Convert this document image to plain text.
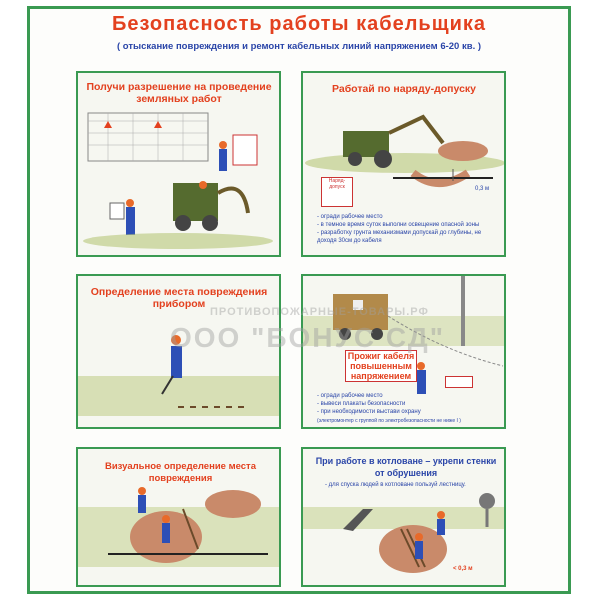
Безопасность работы кабельщика
( отыскание повреждения и ремонт кабельных линий напряжением 6-20 кв. )
Получи разрешение на проведение земляных работ
Работай по наряду-допуску
Наряд-допуск	0,3 м
- огради рабочее место
- в темное время суток выполни освещение опасной зоны
- разработку грунта механизмами допускай до глубины, не доходя 30см до кабеля
Определение места повреждения прибором
Прожиг кабеля повышенным напряжением
- огради рабочее место
- вывеси плакаты безопасности
- при необходимости выстави охрану
(электромонтер с группой по электробезопасности не ниже I )
Визуальное определение места повреждения
При работе в котловане – укрепи стенки от обрушения
- для спуска людей в котловане пользуй лестницу.
< 0,3 м
ПРОТИВОПОЖАРНЫЕ-ТОВАРЫ.РФ
ООО "БОНУС СД"
